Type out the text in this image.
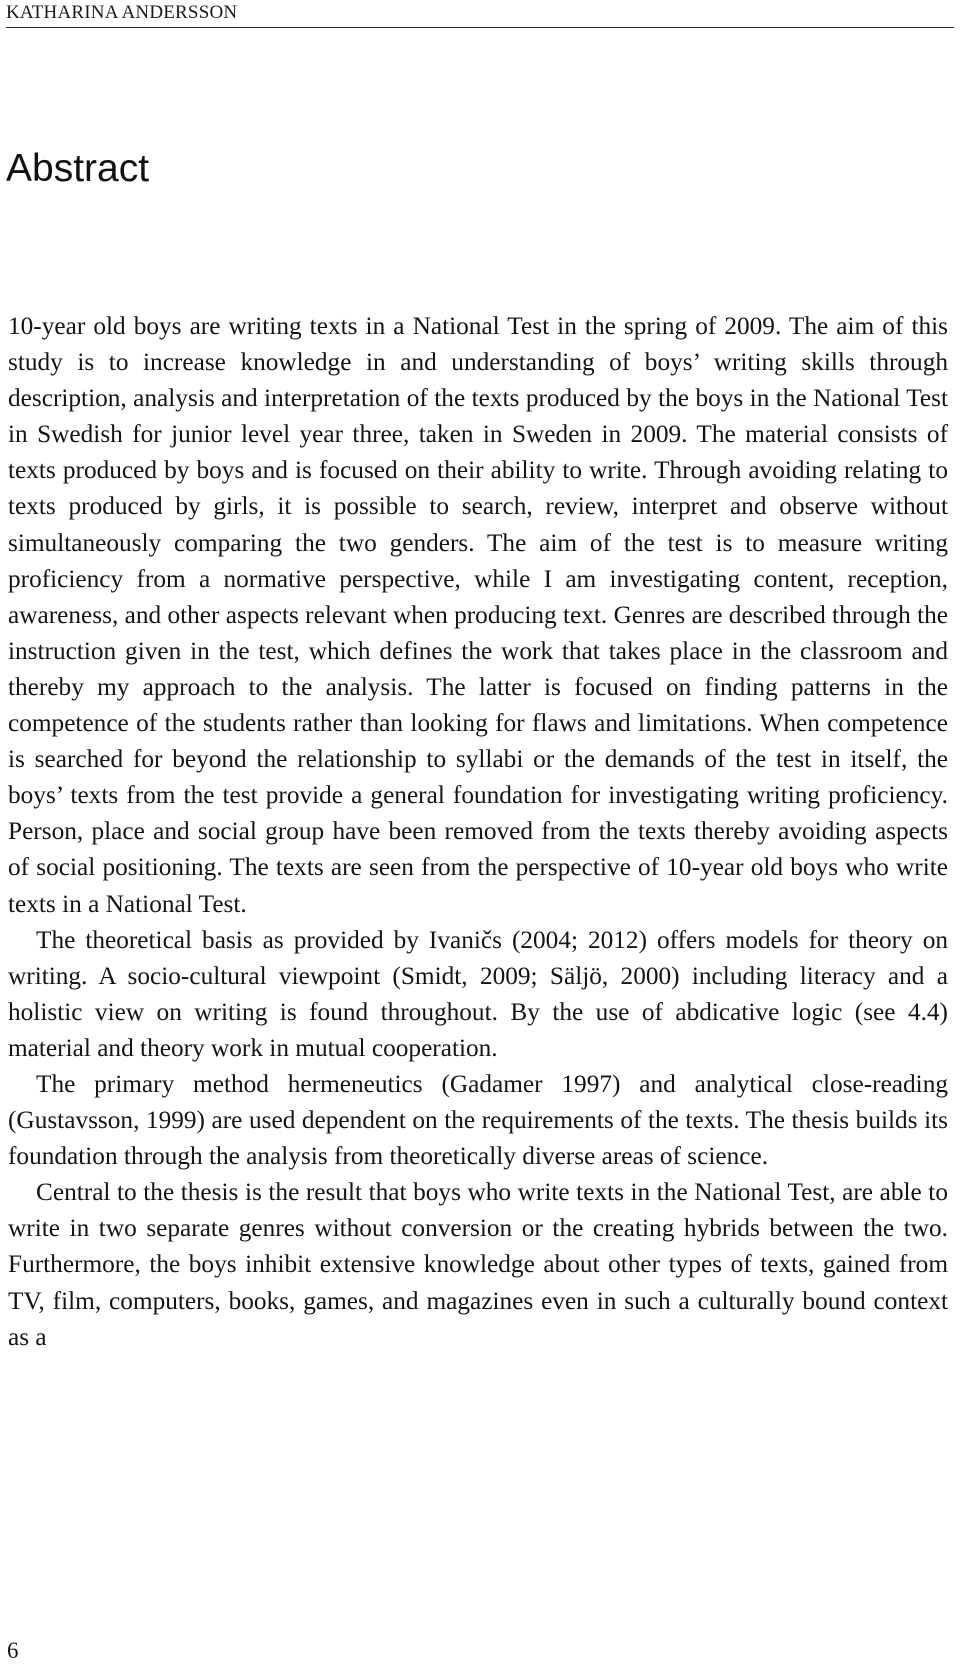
KATHARINA ANDERSSON
Abstract

10-year old boys are writing texts in a National Test in the spring of 2009. The aim of this study is to increase knowledge in and understanding of boys’ writing skills through description, analysis and interpretation of the texts produced by the boys in the National Test in Swedish for junior level year three, taken in Sweden in 2009. The material consists of texts produced by boys and is focused on their ability to write. Through avoiding relating to texts produced by girls, it is possible to search, review, interpret and observe without simultaneously comparing the two genders. The aim of the test is to measure writing proficiency from a normative perspective, while I am investigating content, reception, awareness, and other aspects relevant when producing text. Genres are described through the instruction given in the test, which defines the work that takes place in the classroom and thereby my approach to the analysis. The latter is focused on finding patterns in the competence of the students rather than looking for flaws and limitations. When competence is searched for beyond the relationship to syllabi or the demands of the test in itself, the boys’ texts from the test provide a general foundation for investigating writing proficiency. Person, place and social group have been removed from the texts thereby avoiding aspects of social positioning. The texts are seen from the perspective of 10-year old boys who write texts in a National Test.

The theoretical basis as provided by Ivaničs (2004; 2012) offers models for theory on writing. A socio-cultural viewpoint (Smidt, 2009; Säljö, 2000) including literacy and a holistic view on writing is found throughout. By the use of abdicative logic (see 4.4) material and theory work in mutual cooperation.

The primary method hermeneutics (Gadamer 1997) and analytical close-reading (Gustavsson, 1999) are used dependent on the requirements of the texts. The thesis builds its foundation through the analysis from theoretically diverse areas of science.

Central to the thesis is the result that boys who write texts in the National Test, are able to write in two separate genres without conversion or the creating hybrids between the two. Furthermore, the boys inhibit extensive knowledge about other types of texts, gained from TV, film, computers, books, games, and magazines even in such a culturally bound context as a

6
